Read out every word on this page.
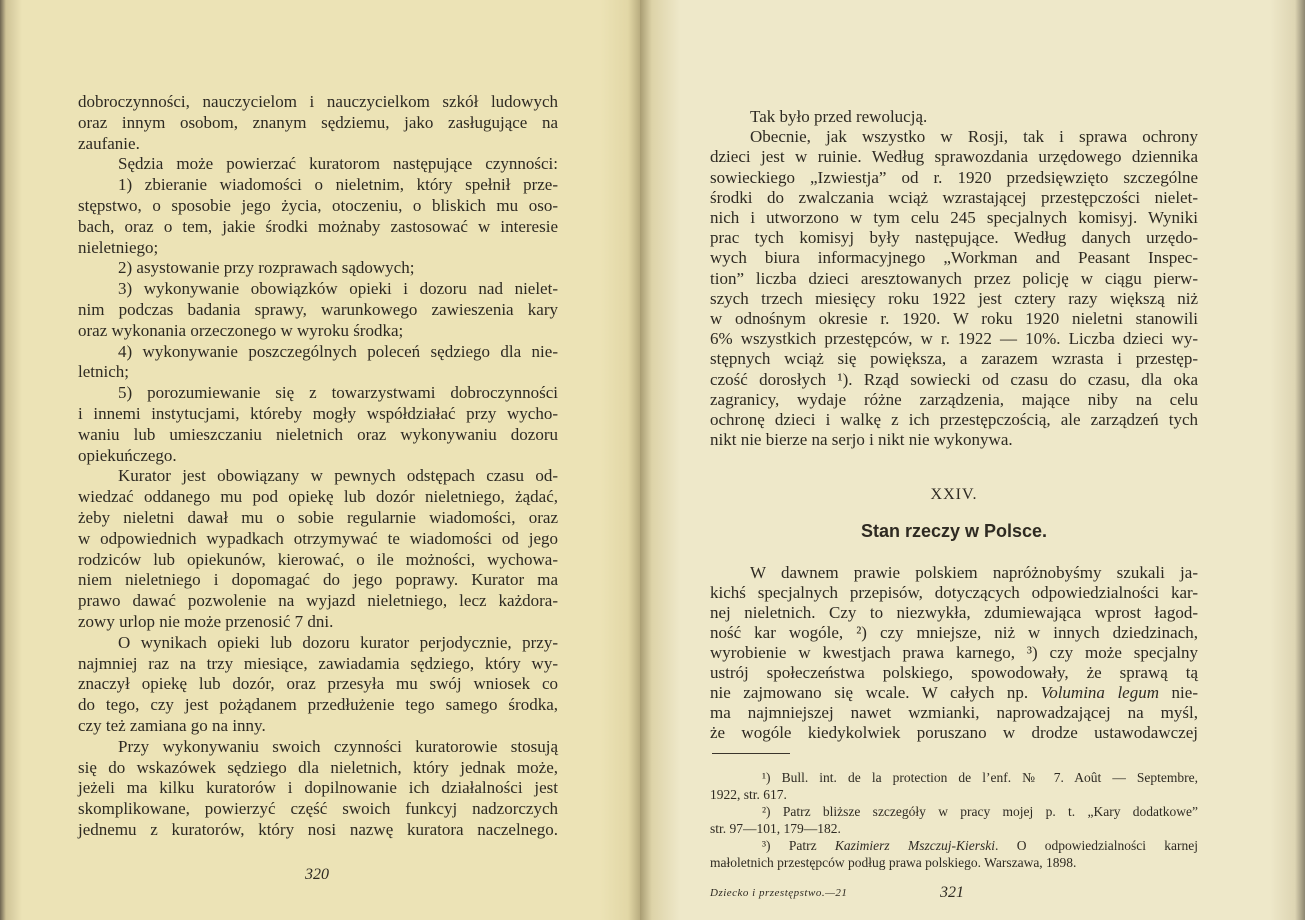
dobroczynności, nauczycielom i nauczycielkom szkół ludowych
oraz innym osobom, znanym sędziemu, jako zasługujące na
zaufanie.
Sędzia może powierzać kuratorom następujące czynności:
1) zbieranie wiadomości o nieletnim, który spełnił prze-
stępstwo, o sposobie jego życia, otoczeniu, o bliskich mu oso-
bach, oraz o tem, jakie środki możnaby zastosować w interesie
nieletniego;
2) asystowanie przy rozprawach sądowych;
3) wykonywanie obowiązków opieki i dozoru nad nielet-
nim podczas badania sprawy, warunkowego zawieszenia kary
oraz wykonania orzeczonego w wyroku środka;
4) wykonywanie poszczególnych poleceń sędziego dla nie-
letnich;
5) porozumiewanie się z towarzystwami dobroczynności
i innemi instytucjami, któreby mogły współdziałać przy wycho-
waniu lub umieszczaniu nieletnich oraz wykonywaniu dozoru
opiekuńczego.
Kurator jest obowiązany w pewnych odstępach czasu od-
wiedzać oddanego mu pod opiekę lub dozór nieletniego, żądać,
żeby nieletni dawał mu o sobie regularnie wiadomości, oraz
w odpowiednich wypadkach otrzymywać te wiadomości od jego
rodziców lub opiekunów, kierować, o ile możności, wychowa-
niem nieletniego i dopomagać do jego poprawy. Kurator ma
prawo dawać pozwolenie na wyjazd nieletniego, lecz każdora-
zowy urlop nie może przenosić 7 dni.
O wynikach opieki lub dozoru kurator perjodycznie, przy-
najmniej raz na trzy miesiące, zawiadamia sędziego, który wy-
znaczył opiekę lub dozór, oraz przesyła mu swój wniosek co
do tego, czy jest pożądanem przedłużenie tego samego środka,
czy też zamiana go na inny.
Przy wykonywaniu swoich czynności kuratorowie stosują
się do wskazówek sędziego dla nieletnich, który jednak może,
jeżeli ma kilku kuratorów i dopilnowanie ich działalności jest
skomplikowane, powierzyć część swoich funkcyj nadzorczych
jednemu z kuratorów, który nosi nazwę kuratora naczelnego.
320
Tak było przed rewolucją.
Obecnie, jak wszystko w Rosji, tak i sprawa ochrony
dzieci jest w ruinie. Według sprawozdania urzędowego dziennika
sowieckiego „Izwiestja” od r. 1920 przedsięwzięto szczególne
środki do zwalczania wciąż wzrastającej przestępczości nielet-
nich i utworzono w tym celu 245 specjalnych komisyj. Wyniki
prac tych komisyj były następujące. Według danych urzędo-
wych biura informacyjnego „Workman and Peasant Inspec-
tion” liczba dzieci aresztowanych przez policję w ciągu pierw-
szych trzech miesięcy roku 1922 jest cztery razy większą niż
w odnośnym okresie r. 1920. W roku 1920 nieletni stanowili
6% wszystkich przestępców, w r. 1922 — 10%. Liczba dzieci wy-
stępnych wciąż się powiększa, a zarazem wzrasta i przestęp-
czość dorosłych ¹). Rząd sowiecki od czasu do czasu, dla oka
zagranicy, wydaje różne zarządzenia, mające niby na celu
ochronę dzieci i walkę z ich przestępczością, ale zarządzeń tych
nikt nie bierze na serjo i nikt nie wykonywa.
XXIV.
Stan rzeczy w Polsce.
W dawnem prawie polskiem napróżnobyśmy szukali ja-
kichś specjalnych przepisów, dotyczących odpowiedzialności kar-
nej nieletnich. Czy to niezwykła, zdumiewająca wprost łagod-
ność kar wogóle, ²) czy mniejsze, niż w innych dziedzinach,
wyrobienie w kwestjach prawa karnego, ³) czy może specjalny
ustrój społeczeństwa polskiego, spowodowały, że sprawą tą
nie zajmowano się wcale. W całych np. Volumina legum nie-
ma najmniejszej nawet wzmianki, naprowadzającej na myśl,
że wogóle kiedykolwiek poruszano w drodze ustawodawczej
¹) Bull. int. de la protection de l’enf. № 7. Août — Septembre,
1922, str. 617.
²) Patrz bliższe szczegóły w pracy mojej p. t. „Kary dodatkowe”
str. 97—101, 179—182.
³) Patrz Kazimierz Mszczuj-Kierski. O odpowiedzialności karnej
małoletnich przestępców podług prawa polskiego. Warszawa, 1898.
Dziecko i przestępstwo.—21	321
